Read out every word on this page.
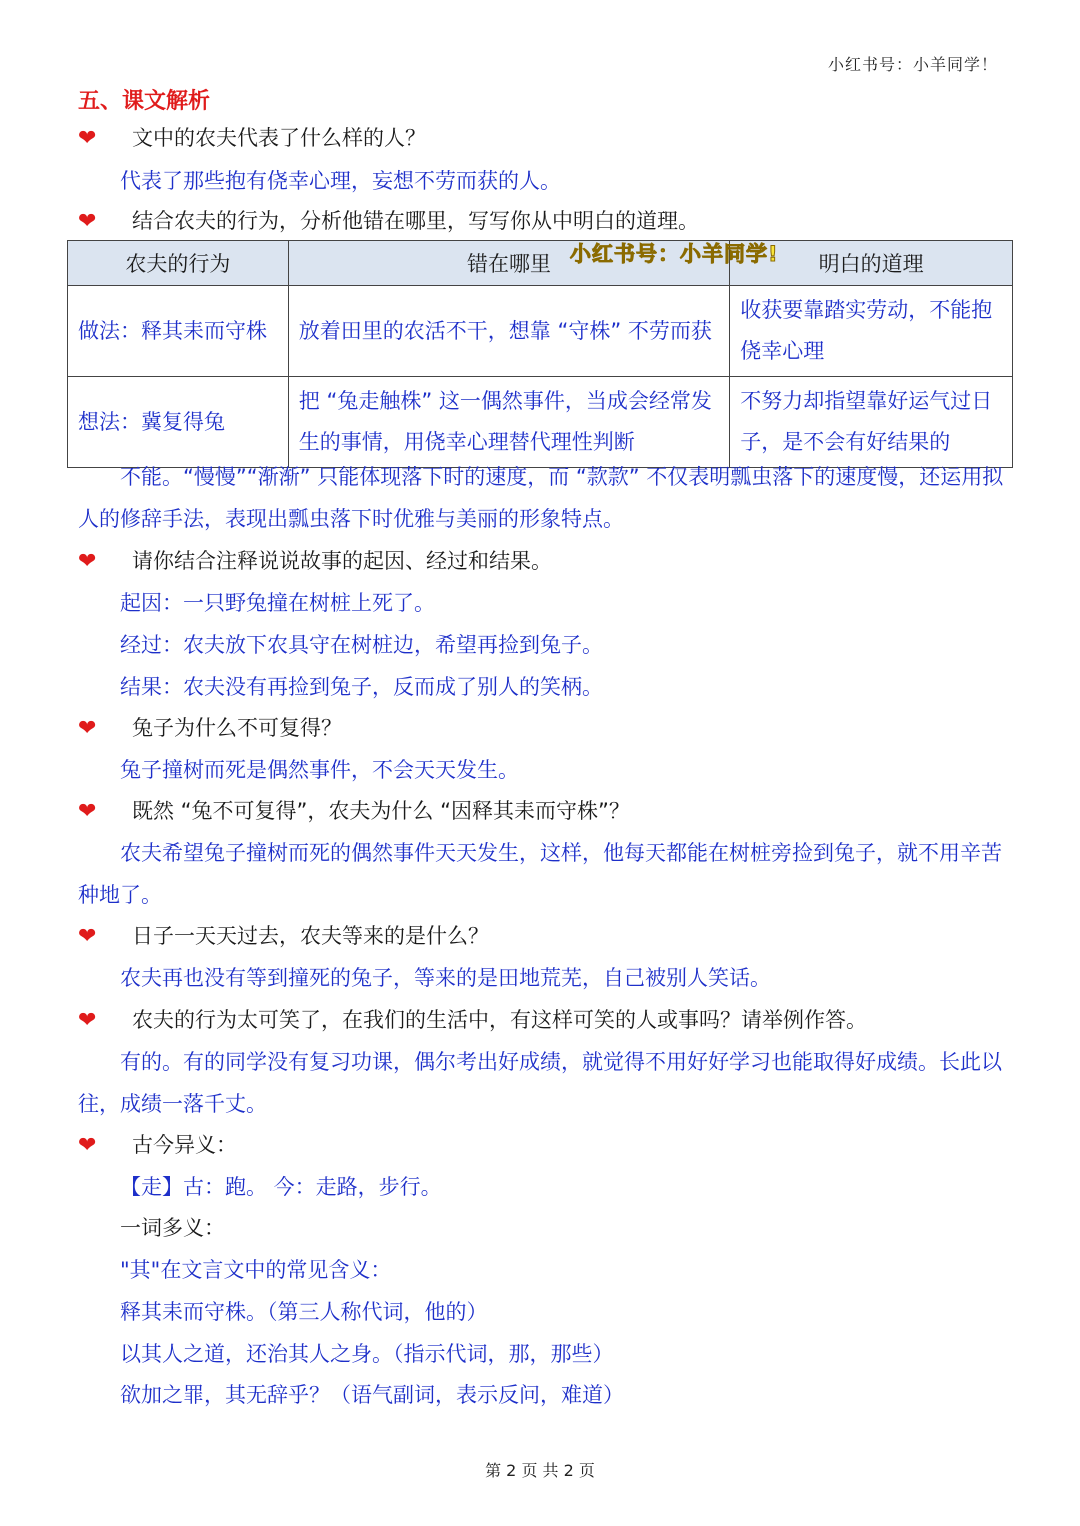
小红书号：小羊同学！
五、课文解析
❤ 文中的农夫代表了什么样的人？
代表了那些抱有侥幸心理，妄想不劳而获的人。
❤ 结合农夫的行为，分析他错在哪里，写写你从中明白的道理。
农夫的行为	错在哪里	明白的道理
做法：释其耒而守株	放着田里的农活不干，想靠 “守株” 不劳而获	收获要靠踏实劳动，不能抱侥幸心理
想法：冀复得兔	把 “兔走触株” 这一偶然事件，当成会经常发生的事情，用侥幸心理替代理性判断	不努力却指望靠好运气过日子，是不会有好结果的
小红书号：小羊同学!
不能。“慢慢”“渐渐” 只能体现落下时的速度，而 “款款” 不仅表明瓢虫落下的速度慢，还运用拟人的修辞手法，表现出瓢虫落下时优雅与美丽的形象特点。
❤ 请你结合注释说说故事的起因、经过和结果。
起因：一只野兔撞在树桩上死了。
经过：农夫放下农具守在树桩边，希望再捡到兔子。
结果：农夫没有再捡到兔子，反而成了别人的笑柄。
❤ 兔子为什么不可复得？
兔子撞树而死是偶然事件，不会天天发生。
❤ 既然 “兔不可复得”，农夫为什么 “因释其耒而守株”？
农夫希望兔子撞树而死的偶然事件天天发生，这样，他每天都能在树桩旁捡到兔子，就不用辛苦种地了。
❤ 日子一天天过去，农夫等来的是什么？
农夫再也没有等到撞死的兔子，等来的是田地荒芜，自己被别人笑话。
❤ 农夫的行为太可笑了，在我们的生活中，有这样可笑的人或事吗？请举例作答。
有的。有的同学没有复习功课，偶尔考出好成绩，就觉得不用好好学习也能取得好成绩。长此以往，成绩一落千丈。
❤ 古今异义：
【走】古：跑。 今：走路，步行。
一词多义：
"其"在文言文中的常见含义：
释其耒而守株。（第三人称代词，他的）
以其人之道，还治其人之身。（指示代词，那，那些）
欲加之罪，其无辞乎？（语气副词，表示反问，难道）
第 2 页 共 2 页
